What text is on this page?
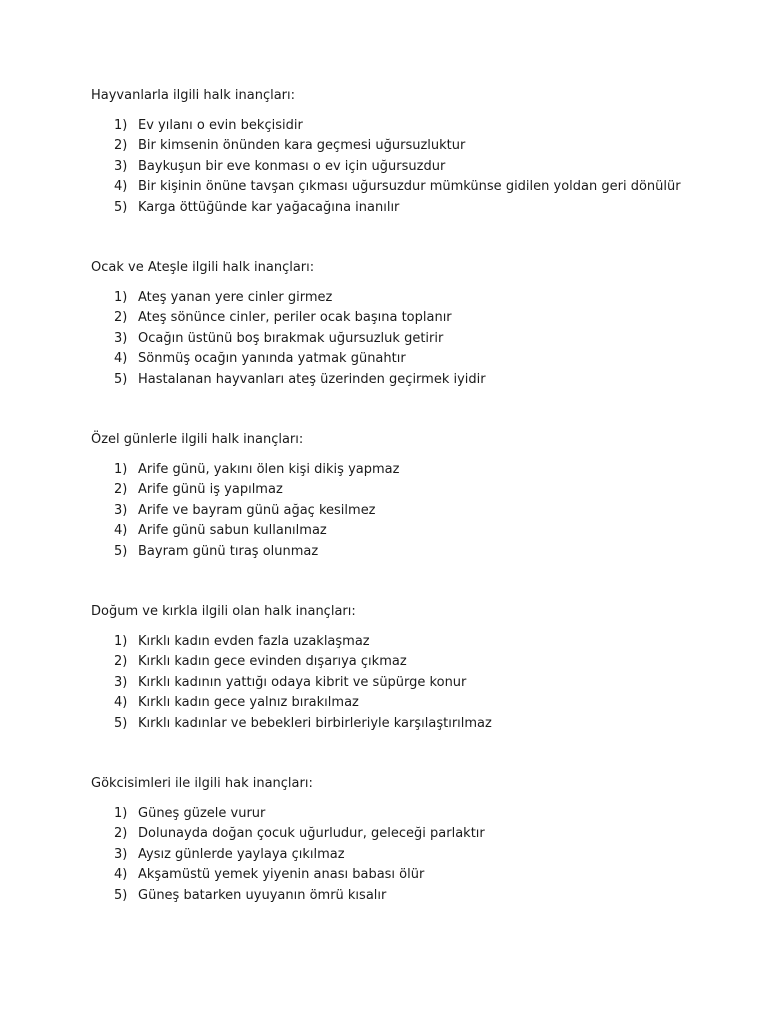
Hayvanlarla ilgili halk inançları:

1) Ev yılanı o evin bekçisidir
2) Bir kimsenin önünden kara geçmesi uğursuzluktur
3) Baykuşun bir eve konması o ev için uğursuzdur
4) Bir kişinin önüne tavşan çıkması uğursuzdur mümkünse gidilen yoldan geri dönülür
5) Karga öttüğünde kar yağacağına inanılır

Ocak ve Ateşle ilgili halk inançları:

1) Ateş yanan yere cinler girmez
2) Ateş sönünce cinler, periler ocak başına toplanır
3) Ocağın üstünü boş bırakmak uğursuzluk getirir
4) Sönmüş ocağın yanında yatmak günahtır
5) Hastalanan hayvanları ateş üzerinden geçirmek iyidir

Özel günlerle ilgili halk inançları:

1) Arife günü, yakını ölen kişi dikiş yapmaz
2) Arife günü iş yapılmaz
3) Arife ve bayram günü ağaç kesilmez
4) Arife günü sabun kullanılmaz
5) Bayram günü tıraş olunmaz

Doğum ve kırkla ilgili olan halk inançları:

1) Kırklı kadın evden fazla uzaklaşmaz
2) Kırklı kadın gece evinden dışarıya çıkmaz
3) Kırklı kadının yattığı odaya kibrit ve süpürge konur
4) Kırklı kadın gece yalnız bırakılmaz
5) Kırklı kadınlar ve bebekleri birbirleriyle karşılaştırılmaz

Gökcisimleri ile ilgili hak inançları:

1) Güneş güzele vurur
2) Dolunayda doğan çocuk uğurludur, geleceği parlaktır
3) Aysız günlerde yaylaya çıkılmaz
4) Akşamüstü yemek yiyenin anası babası ölür
5) Güneş batarken uyuyanın ömrü kısalır
